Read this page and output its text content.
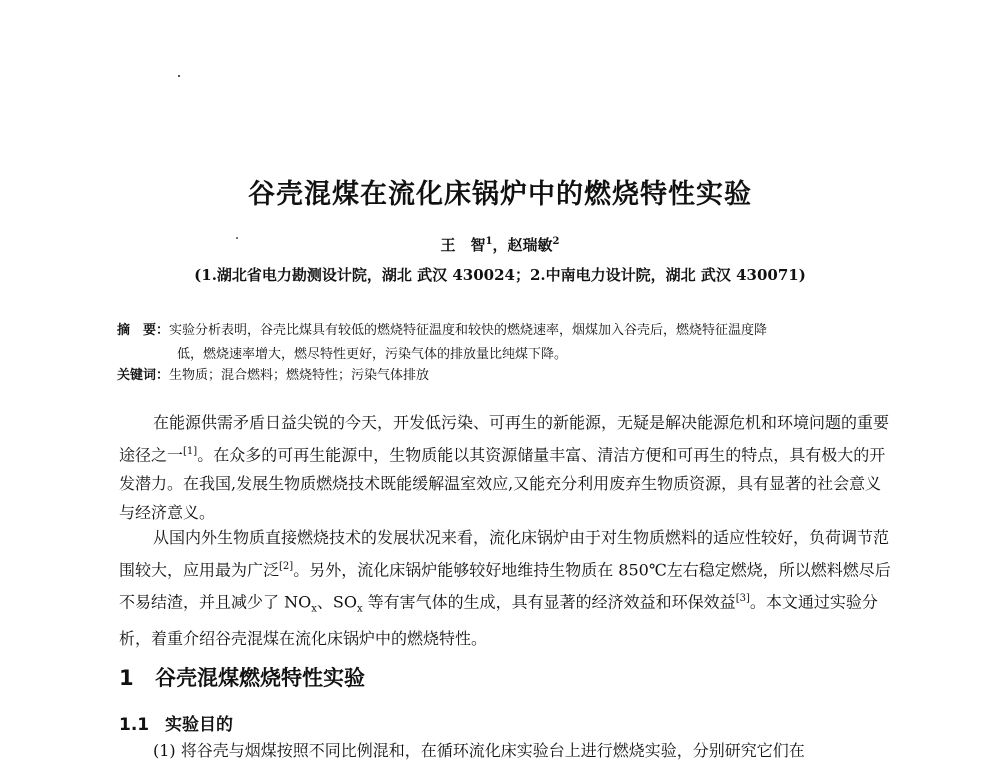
谷壳混煤在流化床锅炉中的燃烧特性实验
王　智$^1$，赵瑞敏$^2$
(1.湖北省电力勘测设计院，湖北 武汉 430024；2.中南电力设计院，湖北 武汉 430071)
摘　要：实验分析表明，谷壳比煤具有较低的燃烧特征温度和较快的燃烧速率，烟煤加入谷壳后，燃烧特征温度降
低，燃烧速率增大，燃尽特性更好，污染气体的排放量比纯煤下降。
关键词：生物质；混合燃料；燃烧特性；污染气体排放
在能源供需矛盾日益尖锐的今天，开发低污染、可再生的新能源，无疑是解决能源危机和环境问题的重要途径之一[1]。在众多的可再生能源中，生物质能以其资源储量丰富、清洁方便和可再生的特点，具有极大的开发潜力。在我国,发展生物质燃烧技术既能缓解温室效应,又能充分利用废弃生物质资源，具有显著的社会意义与经济意义。
从国内外生物质直接燃烧技术的发展状况来看，流化床锅炉由于对生物质燃料的适应性较好，负荷调节范围较大，应用最为广泛[2]。另外，流化床锅炉能够较好地维持生物质在 850℃左右稳定燃烧，所以燃料燃尽后不易结渣，并且减少了 $NO_x$、$SO_x$ 等有害气体的生成，具有显著的经济效益和环保效益[3]。本文通过实验分析，着重介绍谷壳混煤在流化床锅炉中的燃烧特性。
1 谷壳混煤燃烧特性实验
1.1 实验目的
(1) 将谷壳与烟煤按照不同比例混和，在循环流化床实验台上进行燃烧实验，分别研究它们在
